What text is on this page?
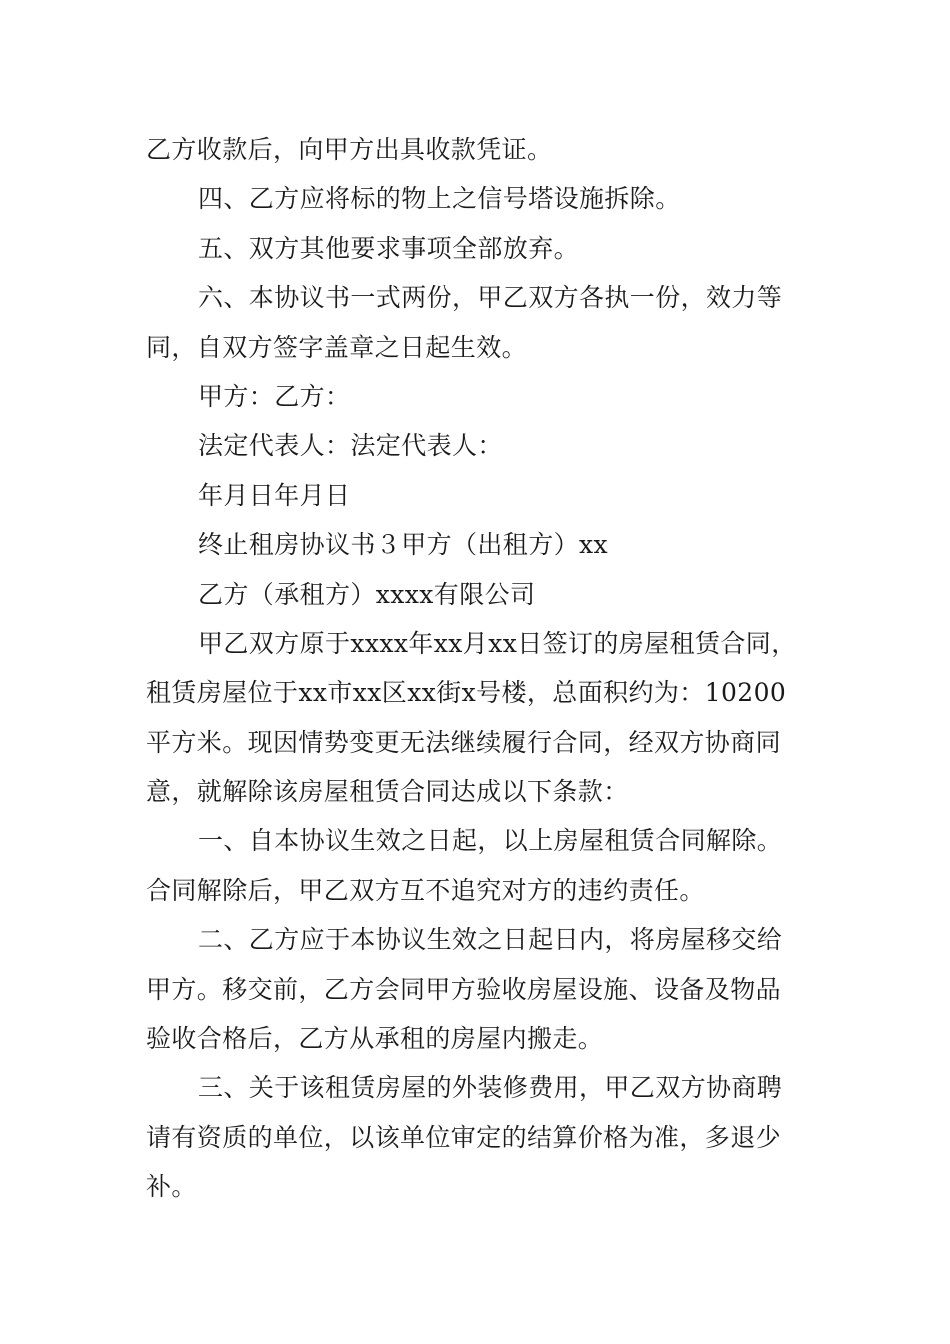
乙方收款后，向甲方出具收款凭证。
四、乙方应将标的物上之信号塔设施拆除。
五、双方其他要求事项全部放弃。
六、本协议书一式两份，甲乙双方各执一份，效力等
同，自双方签字盖章之日起生效。
甲方：乙方：
法定代表人：法定代表人：
年月日年月日
终止租房协议书３甲方（出租方）xx
乙方（承租方）xxxx有限公司
甲乙双方原于xxxx年xx月xx日签订的房屋租赁合同，
租赁房屋位于xx市xx区xx街x号楼，总面积约为：10200
平方米。现因情势变更无法继续履行合同，经双方协商同
意，就解除该房屋租赁合同达成以下条款：
一、自本协议生效之日起，以上房屋租赁合同解除。
合同解除后，甲乙双方互不追究对方的违约责任。
二、乙方应于本协议生效之日起日内，将房屋移交给
甲方。移交前，乙方会同甲方验收房屋设施、设备及物品
验收合格后，乙方从承租的房屋内搬走。
三、关于该租赁房屋的外装修费用，甲乙双方协商聘
请有资质的单位，以该单位审定的结算价格为准，多退少
补。
